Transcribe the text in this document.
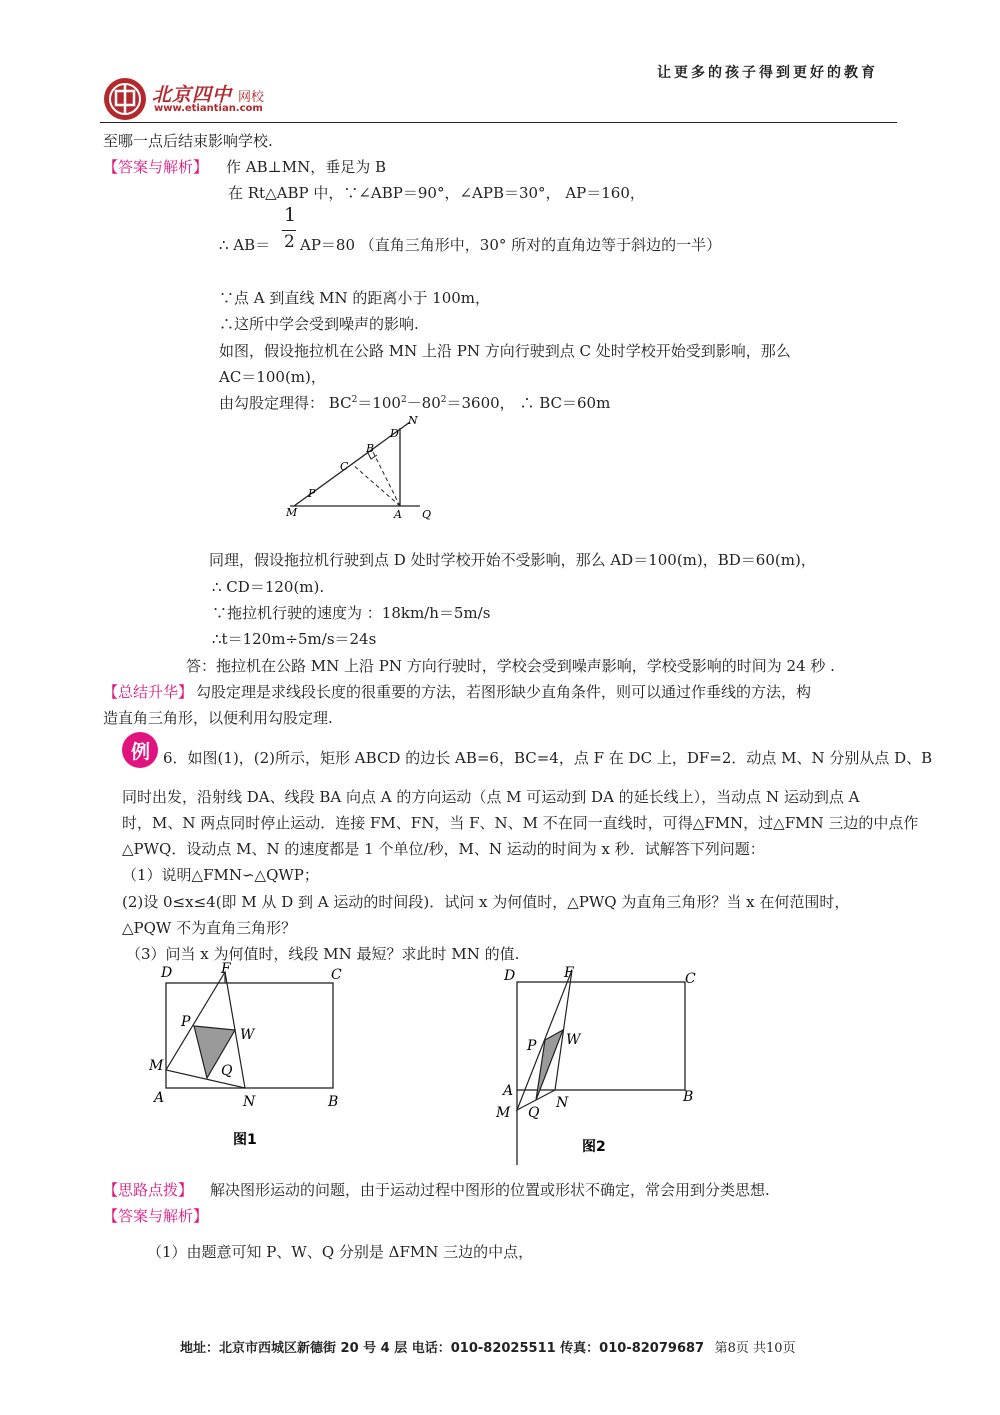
北京四中 网校
www.etiantian.com
让更多的孩子得到更好的教育
至哪一点后结束影响学校.
【答案与解析】 作 AB⊥MN，垂足为 B
在 Rt△ABP 中，∵∠ABP＝90°，∠APB＝30°， AP＝160，
∴ AB＝
1
2 AP＝80 （直角三角形中，30° 所对的直角边等于斜边的一半）
∵点 A 到直线 MN 的距离小于 100m，
∴这所中学会受到噪声的影响.
如图，假设拖拉机在公路 MN 上沿 PN 方向行驶到点 C 处时学校开始受到影响，那么
AC＝100(m)，
由勾股定理得： $BC^2=100^2-80^2=3600$， ∴ BC＝60m
N
D
B
C
P
M	A Q
同理，假设拖拉机行驶到点 D 处时学校开始不受影响，那么 AD＝100(m)，BD＝60(m)，
∴ CD＝120(m).
∵拖拉机行驶的速度为 ：18km/h＝5m/s
∴t＝120m÷5m/s＝24s
答：拖拉机在公路 MN 上沿 PN 方向行驶时，学校会受到噪声影响，学校受影响的时间为 24 秒 .
【总结升华】 勾股定理是求线段长度的很重要的方法，若图形缺少直角条件，则可以通过作垂线的方法，构
造直角三角形，以便利用勾股定理.
例 6．如图(1)，(2)所示，矩形 ABCD 的边长 AB=6，BC=4，点 F 在 DC 上，DF=2．动点 M、N 分别从点 D、B
同时出发，沿射线 DA、线段 BA 向点 A 的方向运动（点 M 可运动到 DA 的延长线上），当动点 N 运动到点 A
时，M、N 两点同时停止运动．连接 FM、FN，当 F、N、M 不在同一直线时，可得△FMN，过△FMN 三边的中点作
△PWQ．设动点 M、N 的速度都是 1 个单位/秒，M、N 运动的时间为 x 秒．试解答下列问题：
（1）说明△FMN∽△QWP；
(2)设 0≤x≤4(即 M 从 D 到 A 运动的时间段)．试问 x 为何值时，△PWQ 为直角三角形？当 x 在何范围时，
△PQW 不为直角三角形？
（3）问当 x 为何值时，线段 MN 最短？求此时 MN 的值.
D	F	C
P
W
M	Q
A	N	B
图1
D	F	C
P W
A
M Q
N	B
图2
【思路点拨】 解决图形运动的问题，由于运动过程中图形的位置或形状不确定，常会用到分类思想.
【答案与解析】
（1）由题意可知 P、W、Q 分别是 ΔFMN 三边的中点，
地址：北京市西城区新德街 20 号 4 层 电话：010-82025511 传真：010-82079687 第8页 共10页
